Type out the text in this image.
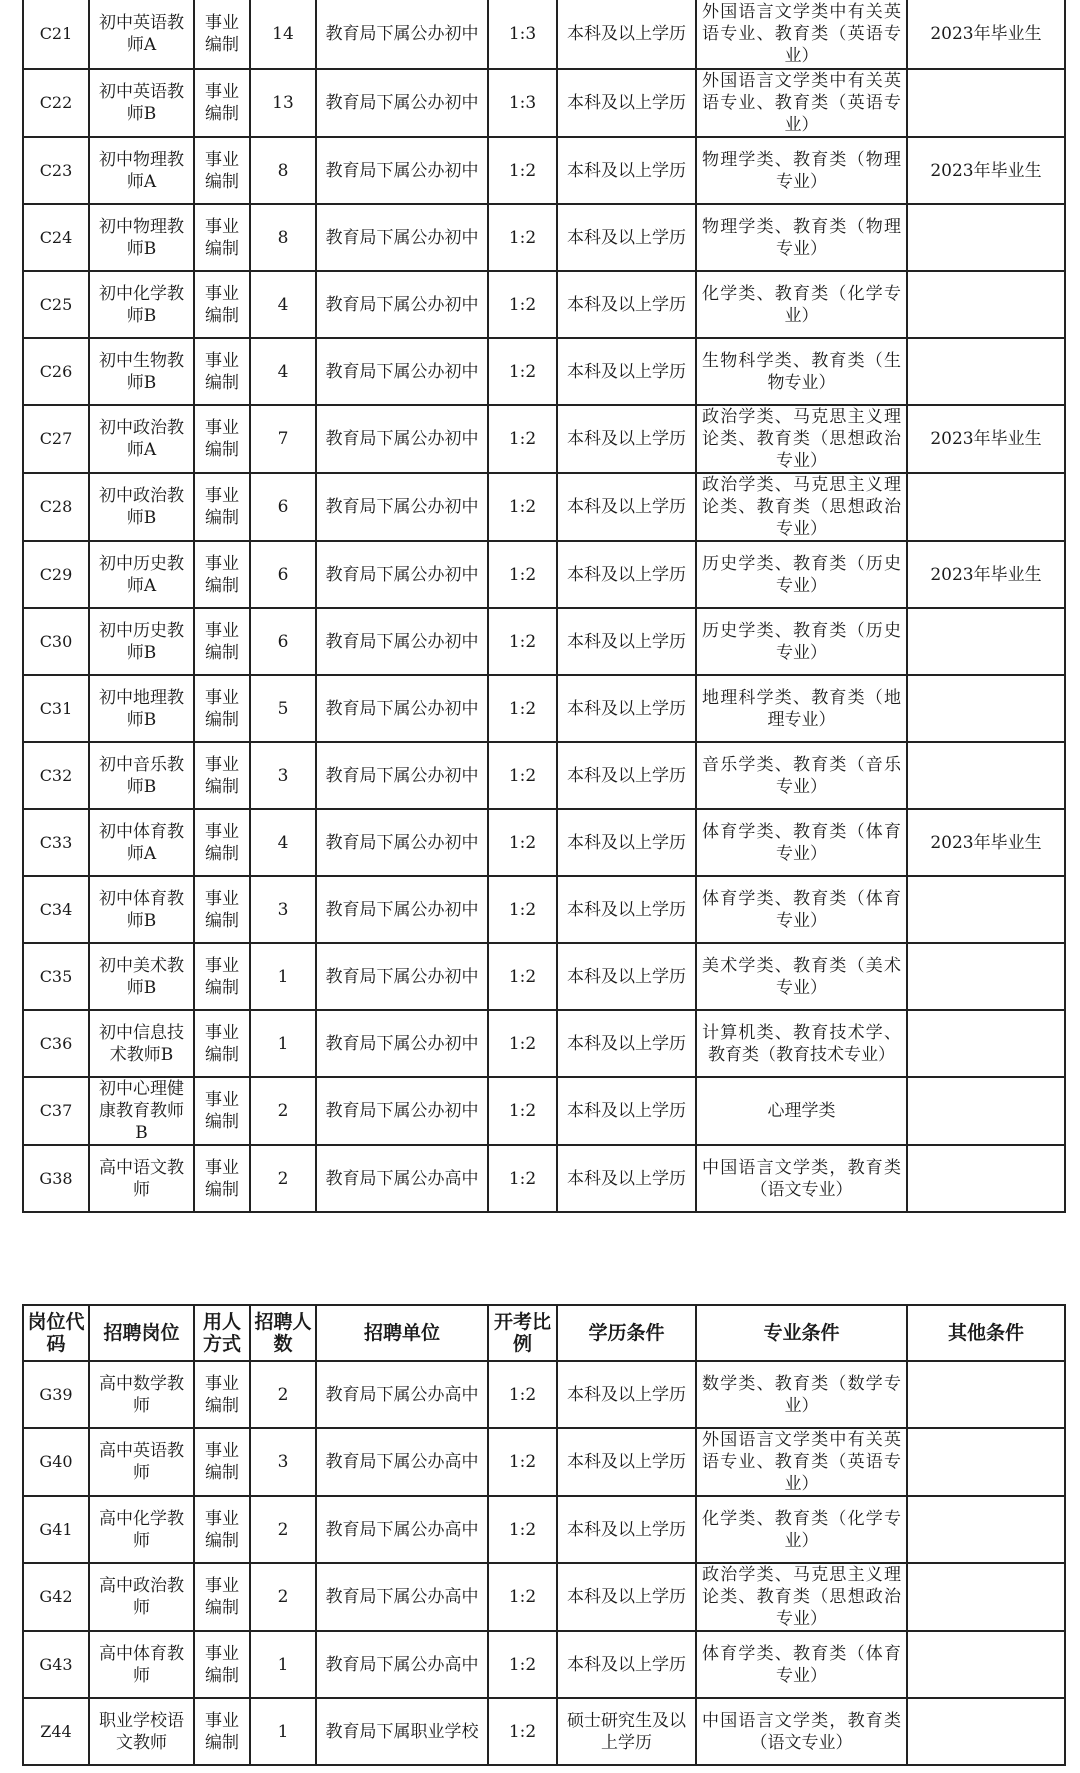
C21	初中英语教师A	事业编制	14	教育局下属公办初中	1:3	本科及以上学历	外国语言文学类中有关英语专业、教育类（英语专业）	2023年毕业生
C22	初中英语教师B	事业编制	13	教育局下属公办初中	1:3	本科及以上学历	外国语言文学类中有关英语专业、教育类（英语专业）	
C23	初中物理教师A	事业编制	8	教育局下属公办初中	1:2	本科及以上学历	物理学类、教育类（物理专业）	2023年毕业生
C24	初中物理教师B	事业编制	8	教育局下属公办初中	1:2	本科及以上学历	物理学类、教育类（物理专业）	
C25	初中化学教师B	事业编制	4	教育局下属公办初中	1:2	本科及以上学历	化学类、教育类（化学专业）	
C26	初中生物教师B	事业编制	4	教育局下属公办初中	1:2	本科及以上学历	生物科学类、教育类（生物专业）	
C27	初中政治教师A	事业编制	7	教育局下属公办初中	1:2	本科及以上学历	政治学类、马克思主义理论类、教育类（思想政治专业）	2023年毕业生
C28	初中政治教师B	事业编制	6	教育局下属公办初中	1:2	本科及以上学历	政治学类、马克思主义理论类、教育类（思想政治专业）	
C29	初中历史教师A	事业编制	6	教育局下属公办初中	1:2	本科及以上学历	历史学类、教育类（历史专业）	2023年毕业生
C30	初中历史教师B	事业编制	6	教育局下属公办初中	1:2	本科及以上学历	历史学类、教育类（历史专业）	
C31	初中地理教师B	事业编制	5	教育局下属公办初中	1:2	本科及以上学历	地理科学类、教育类（地理专业）	
C32	初中音乐教师B	事业编制	3	教育局下属公办初中	1:2	本科及以上学历	音乐学类、教育类（音乐专业）	
C33	初中体育教师A	事业编制	4	教育局下属公办初中	1:2	本科及以上学历	体育学类、教育类（体育专业）	2023年毕业生
C34	初中体育教师B	事业编制	3	教育局下属公办初中	1:2	本科及以上学历	体育学类、教育类（体育专业）	
C35	初中美术教师B	事业编制	1	教育局下属公办初中	1:2	本科及以上学历	美术学类、教育类（美术专业）	
C36	初中信息技术教师B	事业编制	1	教育局下属公办初中	1:2	本科及以上学历	计算机类、教育技术学、教育类（教育技术专业）	
C37	初中心理健康教育教师B	事业编制	2	教育局下属公办初中	1:2	本科及以上学历	心理学类	
G38	高中语文教师	事业编制	2	教育局下属公办高中	1:2	本科及以上学历	中国语言文学类，教育类（语文专业）	
岗位代码	招聘岗位	用人方式	招聘人数	招聘单位	开考比例	学历条件	专业条件	其他条件
G39	高中数学教师	事业编制	2	教育局下属公办高中	1:2	本科及以上学历	数学类、教育类（数学专业）	
G40	高中英语教师	事业编制	3	教育局下属公办高中	1:2	本科及以上学历	外国语言文学类中有关英语专业、教育类（英语专业）	
G41	高中化学教师	事业编制	2	教育局下属公办高中	1:2	本科及以上学历	化学类、教育类（化学专业）	
G42	高中政治教师	事业编制	2	教育局下属公办高中	1:2	本科及以上学历	政治学类、马克思主义理论类、教育类（思想政治专业）	
G43	高中体育教师	事业编制	1	教育局下属公办高中	1:2	本科及以上学历	体育学类、教育类（体育专业）	
Z44	职业学校语文教师	事业编制	1	教育局下属职业学校	1:2	硕士研究生及以上学历	中国语言文学类，教育类（语文专业）	
